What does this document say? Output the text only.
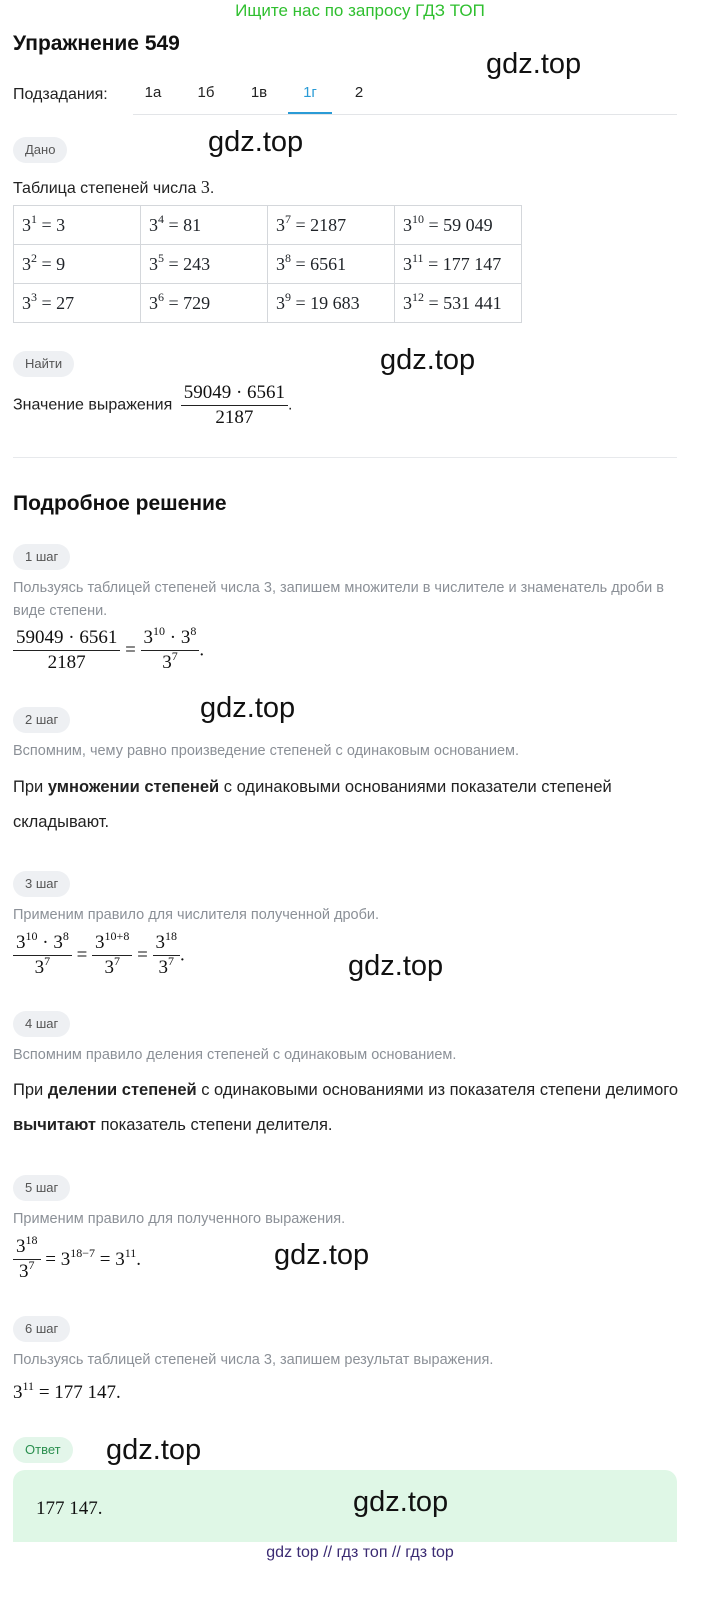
Ищите нас по запросу ГДЗ ТОП
Упражнение 549
gdz.top
gdz.top
gdz.top
gdz.top
gdz.top
gdz.top
gdz.top
Подзадания:	1а	1б	1в	1г	2
Дано
Таблица степеней числа 3.
$3^1 = 3$	$3^4 = 81$	$3^7 = 2187$	$3^{10} = 59$ 049
$3^2 = 9$	$3^5 = 243$	$3^8 = 6561$	$3^{11} = 177$ 147
$3^3 = 27$	$3^6 = 729$	$3^9 = 19$ 683	$3^{12} = 531$ 441
Найти
Значение выражения $\frac{59049 \cdot 6561}{2187}$ .
Подробное решение
1 шаг
Пользуясь таблицей степеней числа 3, запишем множители в числителе и знаменатель дроби в виде степени.
$\frac{59049 \cdot 6561}{2187} = \frac{3^{10} \cdot 3^8}{3^7}$ .
2 шаг
Вспомним, чему равно произведение степеней с одинаковым основанием.
При умножении степеней с одинаковыми основаниями показатели степеней складывают.
3 шаг
Применим правило для числителя полученной дроби.
$\frac{3^{10} \cdot 3^8}{3^7} = \frac{3^{10+8}}{3^7} = \frac{3^{18}}{3^7}$ .
4 шаг
Вспомним правило деления степеней с одинаковым основанием.
При делении степеней с одинаковыми основаниями из показателя степени делимого вычитают показатель степени делителя.
5 шаг
Применим правило для полученного выражения.
$\frac{3^{18}}{3^7} = 3^{18-7} = 3^{11}$.
6 шаг
Пользуясь таблицей степеней числа 3, запишем результат выражения.
$3^{11} = 177$ 147.
Ответ
177 147.	gdz.top
gdz top // гдз топ // гдз top
